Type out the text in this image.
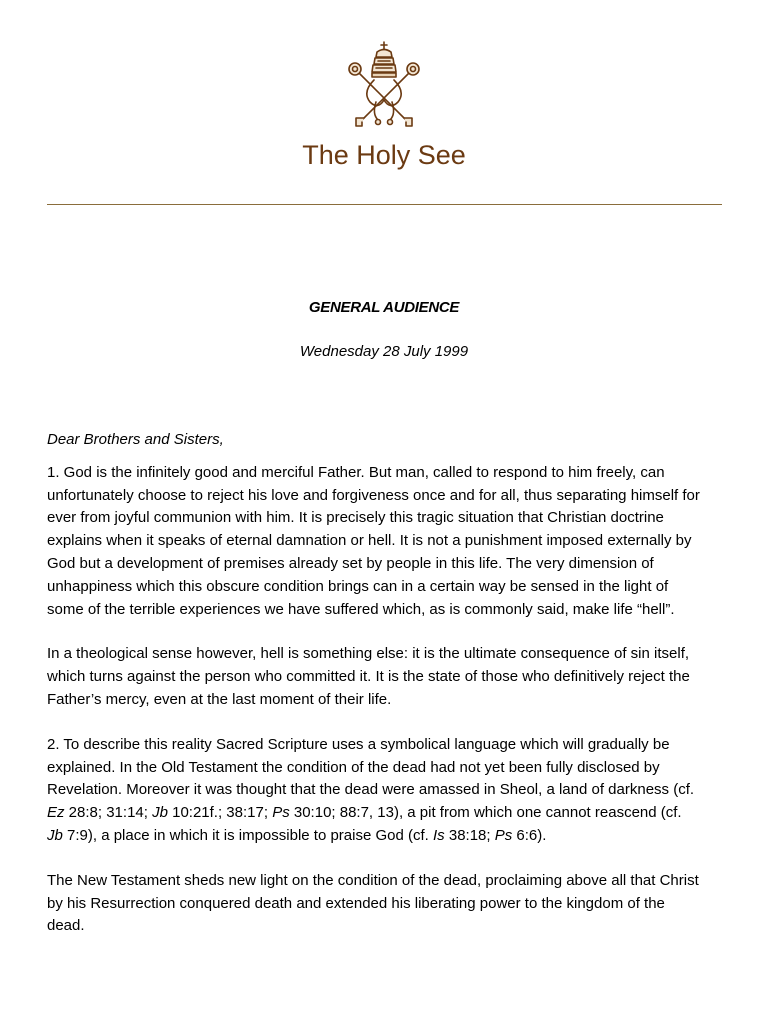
The Holy See
GENERAL AUDIENCE
Wednesday 28 July 1999

Dear Brothers and Sisters,

1. God is the infinitely good and merciful Father. But man, called to respond to him freely, can
unfortunately choose to reject his love and forgiveness once and for all, thus separating himself for
ever from joyful communion with him. It is precisely this tragic situation that Christian doctrine
explains when it speaks of eternal damnation or hell. It is not a punishment imposed externally by
God but a development of premises already set by people in this life. The very dimension of
unhappiness which this obscure condition brings can in a certain way be sensed in the light of
some of the terrible experiences we have suffered which, as is commonly said, make life “hell”.

In a theological sense however, hell is something else: it is the ultimate consequence of sin itself,
which turns against the person who committed it. It is the state of those who definitively reject the
Father’s mercy, even at the last moment of their life.

2. To describe this reality Sacred Scripture uses a symbolical language which will gradually be
explained. In the Old Testament the condition of the dead had not yet been fully disclosed by
Revelation. Moreover it was thought that the dead were amassed in Sheol, a land of darkness (cf.
Ez 28:8; 31:14; Jb 10:21f.; 38:17; Ps 30:10; 88:7, 13), a pit from which one cannot reascend (cf.
Jb 7:9), a place in which it is impossible to praise God (cf. Is 38:18; Ps 6:6).

The New Testament sheds new light on the condition of the dead, proclaiming above all that Christ
by his Resurrection conquered death and extended his liberating power to the kingdom of the
dead.
